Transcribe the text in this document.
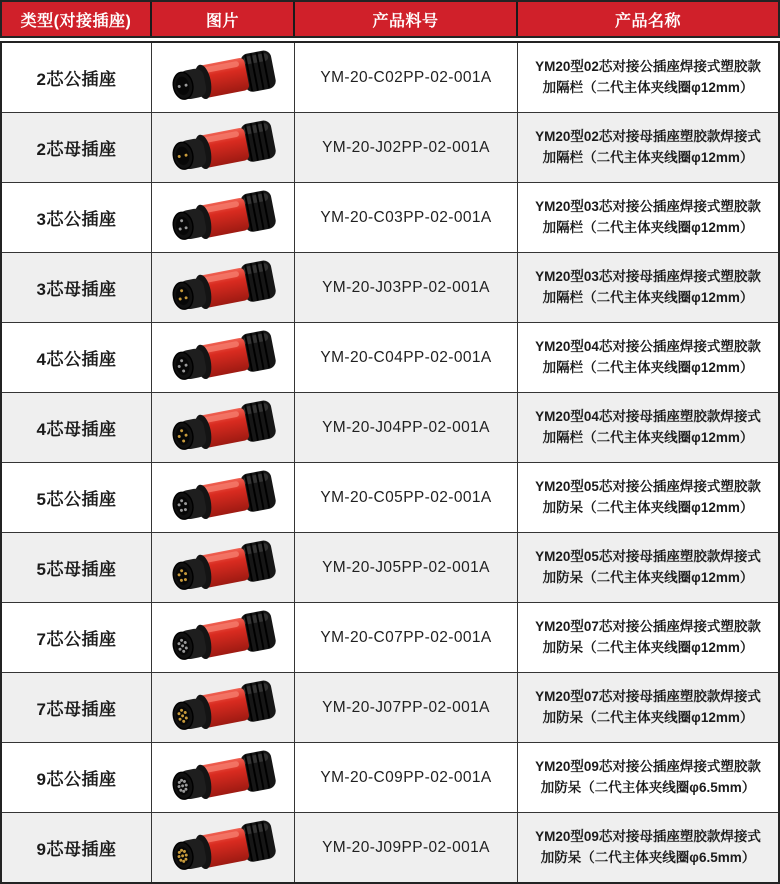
类型(对接插座)	图片	产品料号	产品名称
2芯公插座	YM-20-C02PP-02-001A
YM20型02芯对接公插座焊接式塑胶款
加隔栏（二代主体夹线圈φ12mm）
2芯母插座	YM-20-J02PP-02-001A
YM20型02芯对接母插座塑胶款焊接式
加隔栏（二代主体夹线圈φ12mm）
3芯公插座	YM-20-C03PP-02-001A
YM20型03芯对接公插座焊接式塑胶款
加隔栏（二代主体夹线圈φ12mm）
3芯母插座	YM-20-J03PP-02-001A
YM20型03芯对接母插座焊接式塑胶款
加隔栏（二代主体夹线圈φ12mm）
4芯公插座	YM-20-C04PP-02-001A
YM20型04芯对接公插座焊接式塑胶款
加隔栏（二代主体夹线圈φ12mm）
4芯母插座	YM-20-J04PP-02-001A
YM20型04芯对接母插座塑胶款焊接式
加隔栏（二代主体夹线圈φ12mm）
5芯公插座	YM-20-C05PP-02-001A
YM20型05芯对接公插座焊接式塑胶款
加防呆（二代主体夹线圈φ12mm）
5芯母插座	YM-20-J05PP-02-001A
YM20型05芯对接母插座塑胶款焊接式
加防呆（二代主体夹线圈φ12mm）
7芯公插座	YM-20-C07PP-02-001A
YM20型07芯对接公插座焊接式塑胶款
加防呆（二代主体夹线圈φ12mm）
7芯母插座	YM-20-J07PP-02-001A
YM20型07芯对接母插座塑胶款焊接式
加防呆（二代主体夹线圈φ12mm）
9芯公插座	YM-20-C09PP-02-001A
YM20型09芯对接公插座焊接式塑胶款
加防呆（二代主体夹线圈φ6.5mm）
9芯母插座	YM-20-J09PP-02-001A
YM20型09芯对接母插座塑胶款焊接式
加防呆（二代主体夹线圈φ6.5mm）
